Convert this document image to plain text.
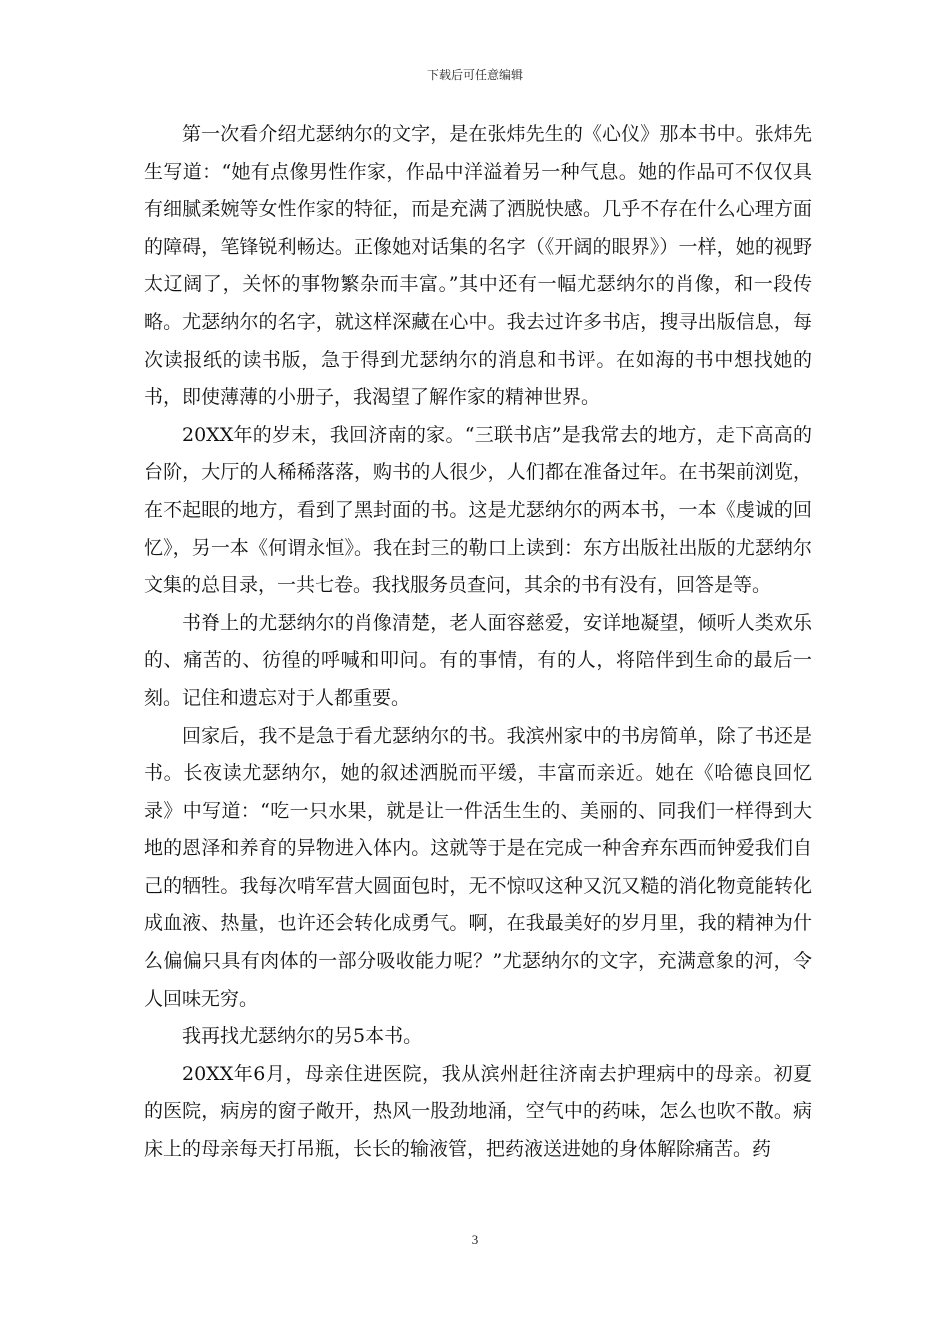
下载后可任意编辑

第一次看介绍尤瑟纳尔的文字，是在张炜先生的《心仪》那本书中。张炜先生写道：“她有点像男性作家，作品中洋溢着另一种气息。她的作品可不仅仅具有细腻柔婉等女性作家的特征，而是充满了洒脱快感。几乎不存在什么心理方面的障碍，笔锋锐利畅达。正像她对话集的名字（《开阔的眼界》）一样，她的视野太辽阔了，关怀的事物繁杂而丰富。”其中还有一幅尤瑟纳尔的肖像，和一段传略。尤瑟纳尔的名字，就这样深藏在心中。我去过许多书店，搜寻出版信息，每次读报纸的读书版，急于得到尤瑟纳尔的消息和书评。在如海的书中想找她的书，即使薄薄的小册子，我渴望了解作家的精神世界。

20XX年的岁末，我回济南的家。“三联书店”是我常去的地方，走下高高的台阶，大厅的人稀稀落落，购书的人很少，人们都在准备过年。在书架前浏览，在不起眼的地方，看到了黑封面的书。这是尤瑟纳尔的两本书，一本《虔诚的回忆》，另一本《何谓永恒》。我在封三的勒口上读到：东方出版社出版的尤瑟纳尔文集的总目录，一共七卷。我找服务员查问，其余的书有没有，回答是等。

书脊上的尤瑟纳尔的肖像清楚，老人面容慈爱，安详地凝望，倾听人类欢乐的、痛苦的、彷徨的呼喊和叩问。有的事情，有的人，将陪伴到生命的最后一刻。记住和遗忘对于人都重要。

回家后，我不是急于看尤瑟纳尔的书。我滨州家中的书房简单，除了书还是书。长夜读尤瑟纳尔，她的叙述洒脱而平缓，丰富而亲近。她在《哈德良回忆录》中写道：“吃一只水果，就是让一件活生生的、美丽的、同我们一样得到大地的恩泽和养育的异物进入体内。这就等于是在完成一种舍弃东西而钟爱我们自己的牺牲。我每次啃军营大圆面包时，无不惊叹这种又沉又糙的消化物竟能转化成血液、热量，也许还会转化成勇气。啊，在我最美好的岁月里，我的精神为什么偏偏只具有肉体的一部分吸收能力呢？”尤瑟纳尔的文字，充满意象的河，令人回味无穷。

我再找尤瑟纳尔的另5本书。

20XX年6月，母亲住进医院，我从滨州赶往济南去护理病中的母亲。初夏的医院，病房的窗子敞开，热风一股劲地涌，空气中的药味，怎么也吹不散。病床上的母亲每天打吊瓶，长长的输液管，把药液送进她的身体解除痛苦。药

3
